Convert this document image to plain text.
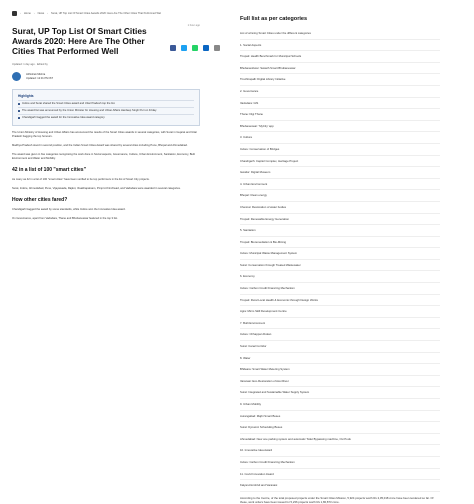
› Home › News › Surat, UP Top List Of Smart Cities Awards 2020: Here Are The Other Cities That Performed Well
1 hour ago
Surat, UP Top List Of Smart Cities Awards 2020: Here Are The Other Cities That Performed Well
Updated: 1 day ago · Edited by
Abhishek Mishra
Updated: 12:31 PM IST
Highlights
Indore and Surat shared the Smart Cities award and Uttar Pradesh top the list.
The award list was announced by the Union Minister for Housing and Urban Affairs Hardeep Singh Puri on Friday.
Chandigarh bagged the award for the Innovative Idea award category.
The Union Ministry of Housing and Urban Affairs has announced the results of the Smart Cities awards in several categories, with Surat in Gujarat and Uttar Pradesh bagging the top honours.
Madhya Pradesh stood in second position, and the Indian Smart Cities Award was shared by several cities including Pune, Bhopal and Ahmedabad.
The award was given in five categories recognising the work done in Social aspects, Governance, Culture, Urban Environment, Sanitation, Economy, Built Environment and Water and Mobility.
42 in a list of 100 "smart cities"
As many as 42 in a list of 100 "smart cities" have been verified to be top performers in the list of Smart City projects.
Surat, Indore, Ahmedabad, Pune, Vijayawada, Rajkot, Visakhapatnam, Pimpri-Chinchwad, and Vadodara were awarded in several categories.
How other cities fared?
Chandigarh bagged the award by some standards, while Indore won the Innovative Idea award.
On Governance, apart from Vadodara, Thane and Bhubaneswar featured in the top 3 list.
Full list as per categories
List of winning Smart Cities under the different categories
1. Social Aspects
Tirupati: Health Benchmark for Municipal Schools
Bhubaneshwar: Swasth Smart Bhubaneswar
Tiruchirapalli: Digital Library Initiative
2. Governance
Vadodara: GIS
Thane: Digi Thane
Bhubaneswar: 'MyCity' app
3. Culture
Indore: Conservation of Bridges
Chandigarh: Capitol Complex, Heritage Project
Gwalior: Digital Museum
4. Urban Environment
Bhopal: Clean energy
Chennai: Restoration of water bodies
Tirupati: Renewable Energy Generation
5. Sanitation
Tirupati: Bioremediation & Bio-Mining
Indore: Municipal Waste Management System
Surat: Conservation through Treated Wastewater
6. Economy
Indore: Carbon Credit Financing Mechanism
Tirupati: Rural Local Health & Economic through Design Works
Agra: Micro Skill Development Centre
7. Built Environment
Indore: Chhappan Dukan
Surat: Canal Corridor
8. Water
Bhilwara: Smart Water Metering System
Varanasi: Eco-Restoration of Assi River
Surat: Integrated and Sustainable Water Supply System
9. Urban Mobility
Aurangabad: Majhi Smart Buses
Surat: Dynamic Scheduling Buses
Ahmedabad: New one parking system and automatic Toilet Bypassing machine, Oxi Pods
10. Innovative Idea Award
Indore: Carbon Credit Financing Mechanism
11. Covid Innovation Award
Kalyan-Dombivli and Varanasi
According to the Centre, of the total proposed projects under the Smart Cities Mission, 5,924 projects worth Rs 2,05,018 crore have been tendered so far. Of these, work orders have been issued for 5,236 projects worth Rs 1,80,873 crore.
